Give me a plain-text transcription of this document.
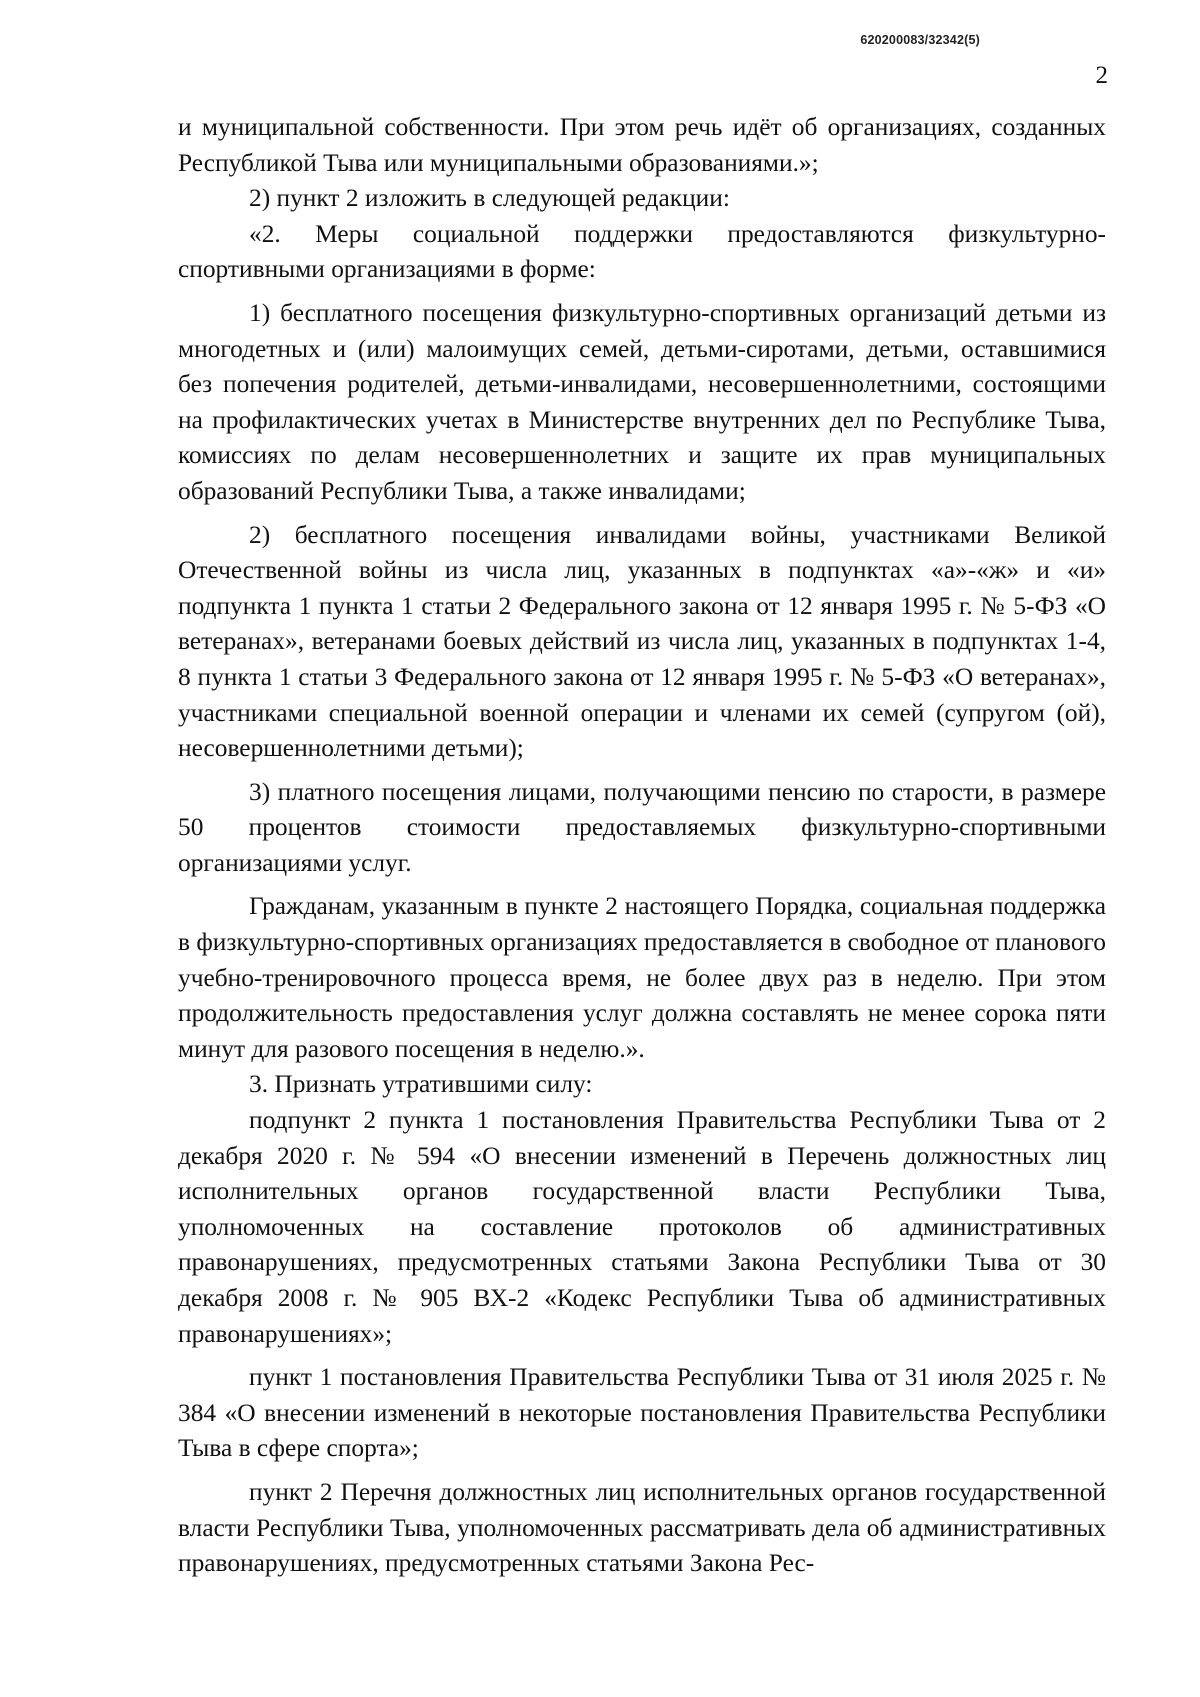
620200083/32342(5)
2

и муниципальной собственности. При этом речь идёт об организациях, созданных Республикой Тыва или муниципальными образованиями.»;

2) пункт 2 изложить в следующей редакции:

«2. Меры социальной поддержки предоставляются физкультурно-спортивными организациями в форме:

1) бесплатного посещения физкультурно-спортивных организаций детьми из многодетных и (или) малоимущих семей, детьми-сиротами, детьми, оставшимися без попечения родителей, детьми-инвалидами, несовершеннолетними, состоящими на профилактических учетах в Министерстве внутренних дел по Республике Тыва, комиссиях по делам несовершеннолетних и защите их прав муниципальных образований Республики Тыва, а также инвалидами;

2) бесплатного посещения инвалидами войны, участниками Великой Отечественной войны из числа лиц, указанных в подпунктах «а»-«ж» и «и» подпункта 1 пункта 1 статьи 2 Федерального закона от 12 января 1995 г. № 5-ФЗ «О ветеранах», ветеранами боевых действий из числа лиц, указанных в подпунктах 1-4, 8 пункта 1 статьи 3 Федерального закона от 12 января 1995 г. № 5-ФЗ «О ветеранах», участниками специальной военной операции и членами их семей (супругом (ой), несовершеннолетними детьми);

3) платного посещения лицами, получающими пенсию по старости, в размере 50 процентов стоимости предоставляемых физкультурно-спортивными организациями услуг.

Гражданам, указанным в пункте 2 настоящего Порядка, социальная поддержка в физкультурно-спортивных организациях предоставляется в свободное от планового учебно-тренировочного процесса время, не более двух раз в неделю. При этом продолжительность предоставления услуг должна составлять не менее сорока пяти минут для разового посещения в неделю.».

3. Признать утратившими силу:

подпункт 2 пункта 1 постановления Правительства Республики Тыва от 2 декабря 2020 г. № 594 «О внесении изменений в Перечень должностных лиц исполнительных органов государственной власти Республики Тыва, уполномоченных на составление протоколов об административных правонарушениях, предусмотренных статьями Закона Республики Тыва от 30 декабря 2008 г. № 905 ВХ-2 «Кодекс Республики Тыва об административных правонарушениях»;

пункт 1 постановления Правительства Республики Тыва от 31 июля 2025 г. № 384 «О внесении изменений в некоторые постановления Правительства Республики Тыва в сфере спорта»;

пункт 2 Перечня должностных лиц исполнительных органов государственной власти Республики Тыва, уполномоченных рассматривать дела об административных правонарушениях, предусмотренных статьями Закона Рес-
